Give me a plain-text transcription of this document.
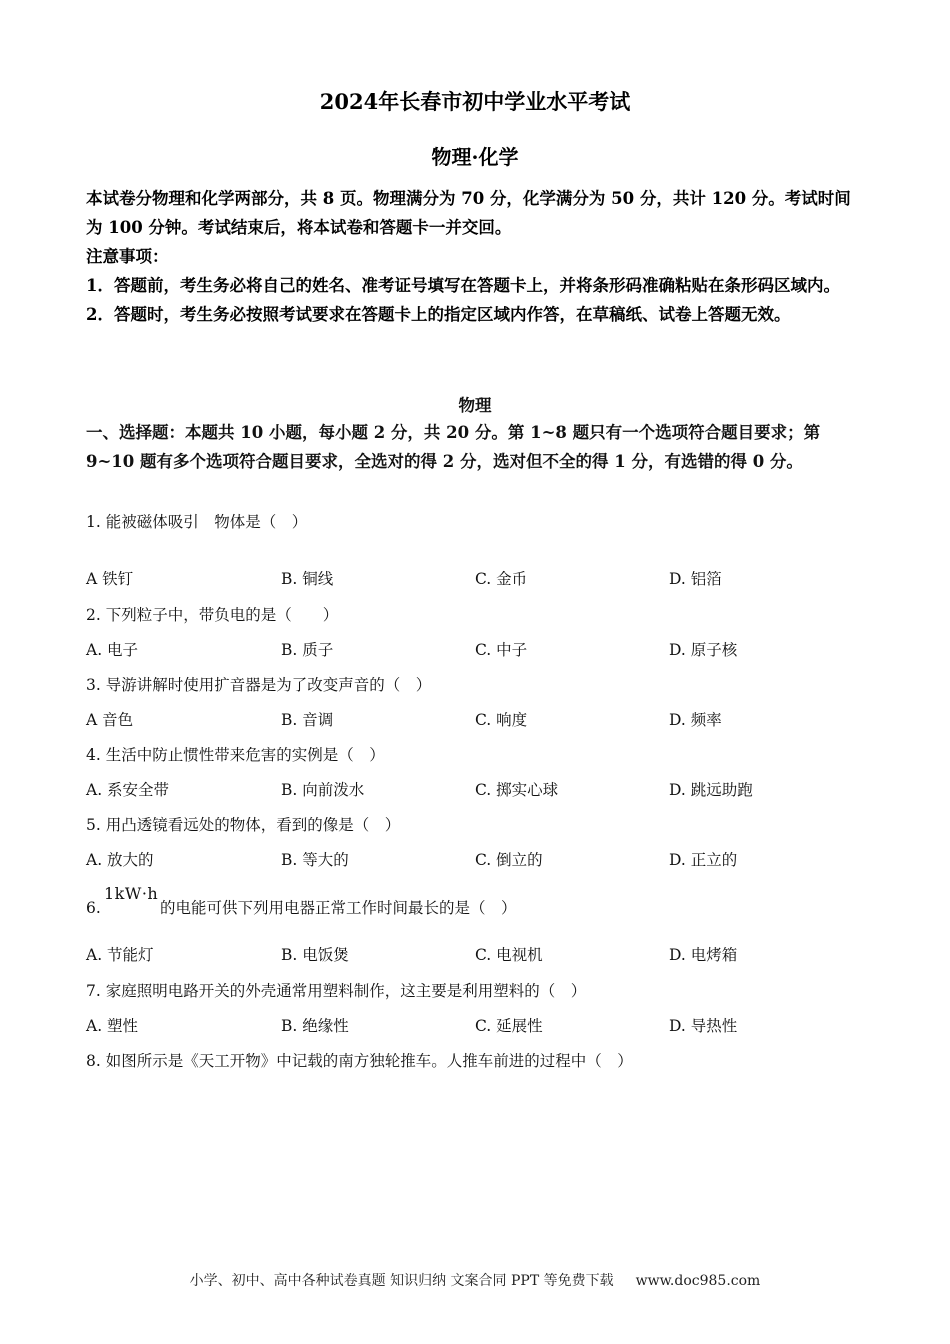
2024年长春市初中学业水平考试
物理·化学

本试卷分物理和化学两部分，共 8 页。物理满分为 70 分，化学满分为 50 分，共计 120 分。考试时间为 100 分钟。考试结束后，将本试卷和答题卡一并交回。

注意事项：

1．答题前，考生务必将自己的姓名、准考证号填写在答题卡上，并将条形码准确粘贴在条形码区域内。

2．答题时，考生务必按照考试要求在答题卡上的指定区域内作答，在草稿纸、试卷上答题无效。

物理
一、选择题：本题共 10 小题，每小题 2 分，共 20 分。第 1~8 题只有一个选项符合题目要求；第 9~10 题有多个选项符合题目要求，全选对的得 2 分，选对但不全的得 1 分，有选错的得 0 分。
1. 能被磁体吸引　物体是（　）
A 铁钉	B. 铜线	C. 金币	D. 铝箔
2. 下列粒子中，带负电的是（　　）
A. 电子	B. 质子	C. 中子	D. 原子核
3. 导游讲解时使用扩音器是为了改变声音的（　）
A 音色	B. 音调	C. 响度	D. 频率
4. 生活中防止惯性带来危害的实例是（　）
A. 系安全带	B. 向前泼水	C. 掷实心球	D. 跳远助跑
5. 用凸透镜看远处的物体，看到的像是（　）
A. 放大的	B. 等大的	C. 倒立的	D. 正立的
1kW·h
6.	的电能可供下列用电器正常工作时间最长的是（　）
A. 节能灯	B. 电饭煲	C. 电视机	D. 电烤箱
7. 家庭照明电路开关的外壳通常用塑料制作，这主要是利用塑料的（　）
A. 塑性	B. 绝缘性	C. 延展性	D. 导热性
8. 如图所示是《天工开物》中记载的南方独轮推车。人推车前进的过程中（　）
小学、初中、高中各种试卷真题 知识归纳 文案合同 PPT 等免费下载 www.doc985.com
